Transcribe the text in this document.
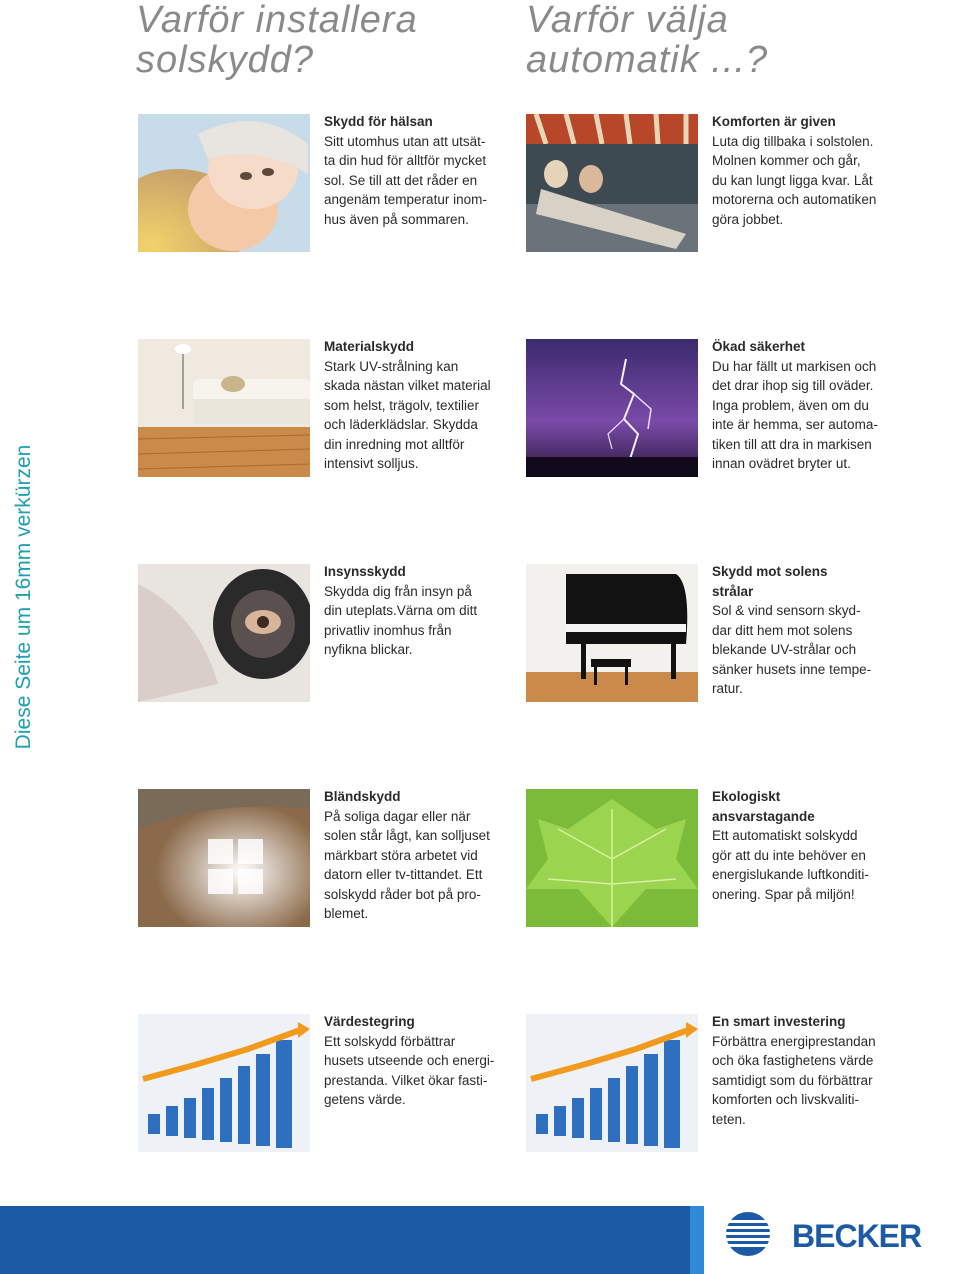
Varför installera
solskydd?
Varför välja
automatik ...?
Diese Seite um 16mm verkürzen
Skydd för hälsan
Sitt utomhus utan att utsät-
ta din hud för alltför mycket
sol. Se till att det råder en
angenäm temperatur inom-
hus även på sommaren.
Komforten är given
Luta dig tillbaka i solstolen.
Molnen kommer och går,
du kan lungt ligga kvar. Låt
motorerna och automatiken
göra jobbet.
Materialskydd
Stark UV-strålning kan
skada nästan vilket material
som helst, trägolv, textilier
och läderklädslar. Skydda
din inredning mot alltför
intensivt solljus.
Ökad säkerhet
Du har fällt ut markisen och
det drar ihop sig till oväder.
Inga problem, även om du
inte är hemma, ser automa-
tiken till att dra in markisen
innan ovädret bryter ut.
Insynsskydd
Skydda dig från insyn på
din uteplats.Värna om ditt
privatliv inomhus från
nyfikna blickar.
Skydd mot solens
strålar
Sol & vind sensorn skyd-
dar ditt hem mot solens
blekande UV-strålar och
sänker husets inne tempe-
ratur.
Bländskydd
På soliga dagar eller när
solen står lågt, kan solljuset
märkbart störa arbetet vid
datorn eller tv-tittandet. Ett
solskydd råder bot på pro-
blemet.
Ekologiskt
ansvarstagande
Ett automatiskt solskydd
gör att du inte behöver en
energislukande luftkonditi-
onering. Spar på miljön!
Värdestegring
Ett solskydd förbättrar
husets utseende och energi-
prestanda. Vilket ökar fasti-
getens värde.
En smart investering
Förbättra energiprestandan
och öka fastighetens värde
samtidigt som du förbättrar
komforten och livskvaliti-
teten.
BECKER
